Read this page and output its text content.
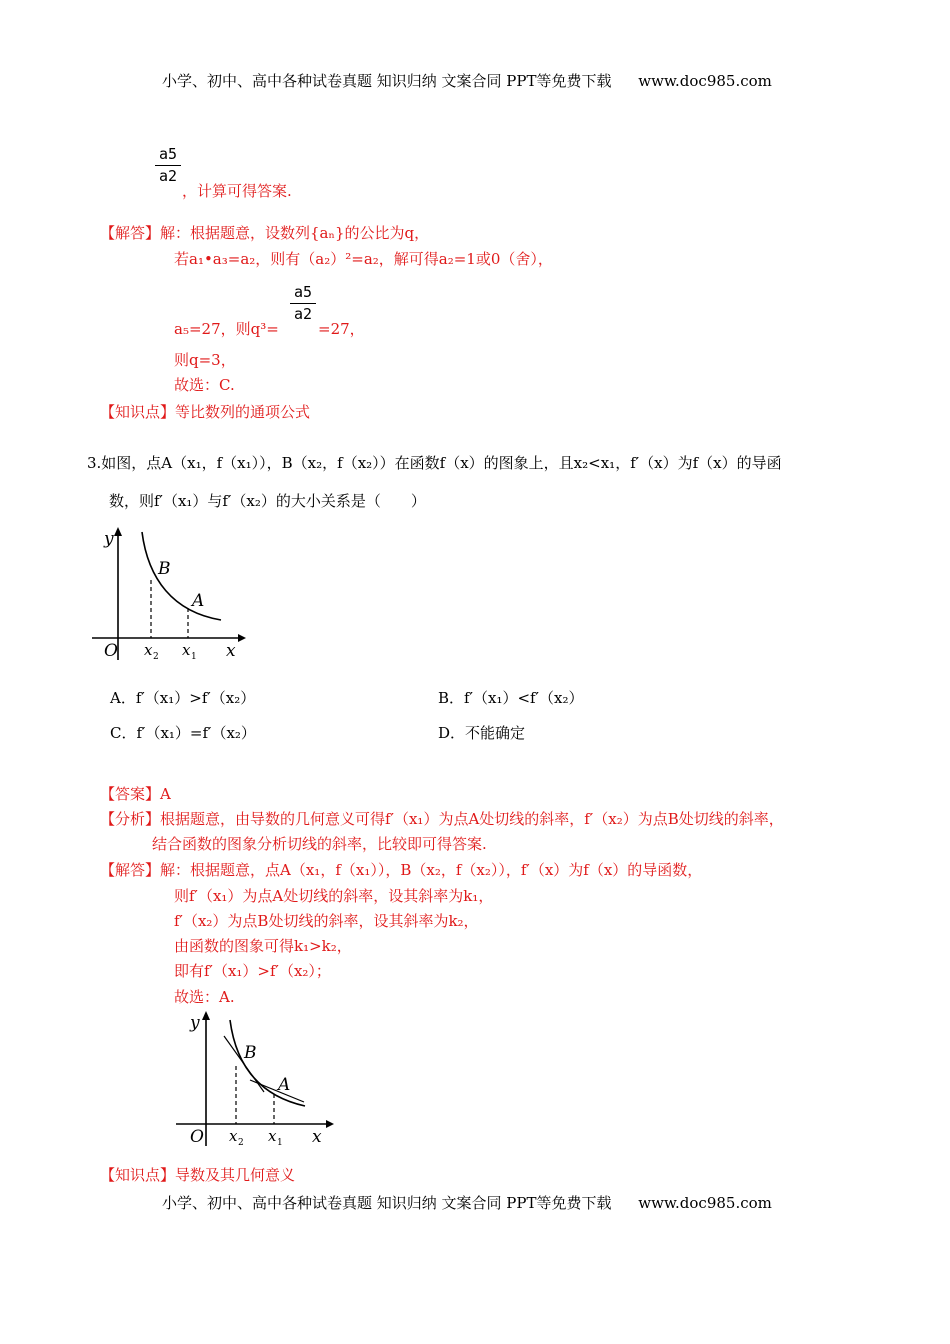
小学、初中、高中各种试卷真题 知识归纳 文案合同 PPT等免费下载 www.doc985.com
a5
a2
，计算可得答案.
【解答】解：根据题意，设数列{aₙ}的公比为q，
若a₁•a₃=a₂，则有（a₂）²=a₂，解可得a₂=1或0（舍），
a5
a2
a₅=27，则q³=	=27，
则q=3，
故选：C.
【知识点】等比数列的通项公式
3.如图，点A（x₁，f（x₁）），B（x₂，f（x₂））在函数f（x）的图象上，且x₂<x₁，f′（x）为f（x）的导函
数，则f′（x₁）与f′（x₂）的大小关系是（　　）
y
x
O
B
A
x 2 x 1
A．f′（x₁）>f′（x₂）	B．f′（x₁）<f′（x₂）
C．f′（x₁）=f′（x₂）	D．不能确定
【答案】A
【分析】根据题意，由导数的几何意义可得f′（x₁）为点A处切线的斜率，f′（x₂）为点B处切线的斜率，
结合函数的图象分析切线的斜率，比较即可得答案.
【解答】解：根据题意，点A（x₁，f（x₁）），B（x₂，f（x₂）），f′（x）为f（x）的导函数，
则f′（x₁）为点A处切线的斜率，设其斜率为k₁，
f′（x₂）为点B处切线的斜率，设其斜率为k₂，
由函数的图象可得k₁>k₂，
即有f′（x₁）>f′（x₂）；
故选：A.
y
x
O
B
A
x 2 x 1
【知识点】导数及其几何意义
小学、初中、高中各种试卷真题 知识归纳 文案合同 PPT等免费下载 www.doc985.com
